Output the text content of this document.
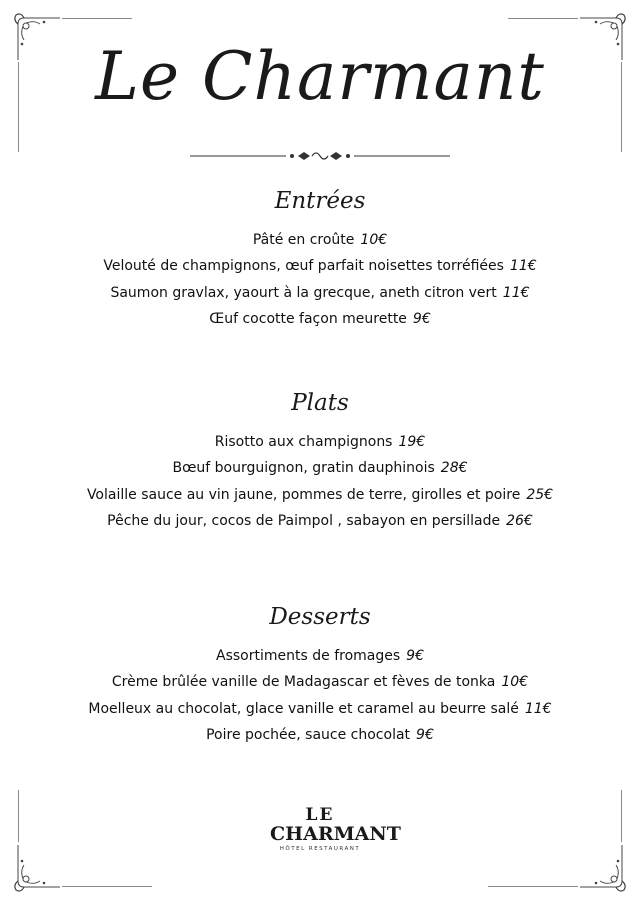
Le Charmant
Entrées
Pâté en croûte 10€
Velouté de champignons, œuf parfait noisettes torréfiées 11€
Saumon gravlax, yaourt à la grecque, aneth citron vert 11€
Œuf cocotte façon meurette 9€
Plats
Risotto aux champignons 19€
Bœuf bourguignon, gratin dauphinois 28€
Volaille sauce au vin jaune, pommes de terre, girolles et poire 25€
Pêche du jour, cocos de Paimpol , sabayon en persillade 26€
Desserts
Assortiments de fromages 9€
Crème brûlée vanille de Madagascar et fèves de tonka 10€
Moelleux au chocolat, glace vanille et caramel au beurre salé 11€
Poire pochée, sauce chocolat 9€
LE
CHARMANT
HÔTEL RESTAURANT
